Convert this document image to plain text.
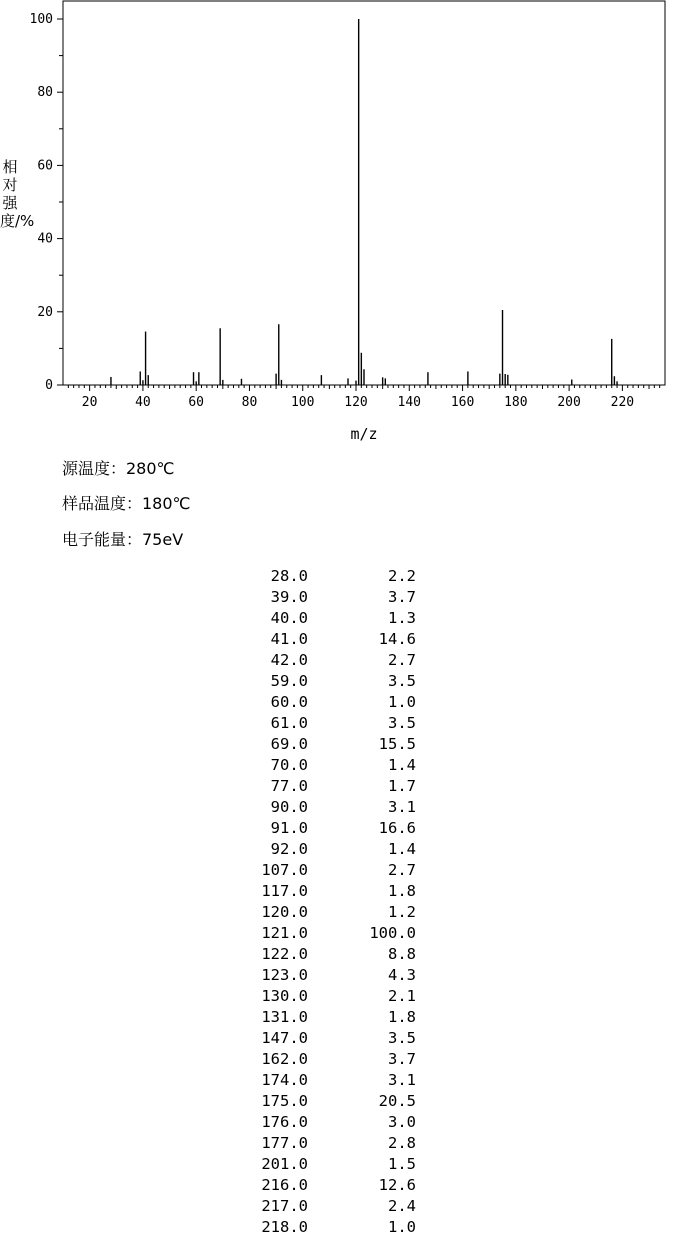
0
20
40
60
80
100
20	40	60	80	100 120 140 160 180 200 220
m/z
相对强度/%
源温度：280℃
样品温度：180℃
电子能量：75eV
28.0	2.2
39.0	3.7
40.0	1.3
41.0	14.6
42.0	2.7
59.0	3.5
60.0	1.0
61.0	3.5
69.0	15.5
70.0	1.4
77.0	1.7
90.0	3.1
91.0	16.6
92.0	1.4
107.0	2.7
117.0	1.8
120.0	1.2
121.0	100.0
122.0	8.8
123.0	4.3
130.0	2.1
131.0	1.8
147.0	3.5
162.0	3.7
174.0	3.1
175.0	20.5
176.0	3.0
177.0	2.8
201.0	1.5
216.0	12.6
217.0	2.4
218.0	1.0
